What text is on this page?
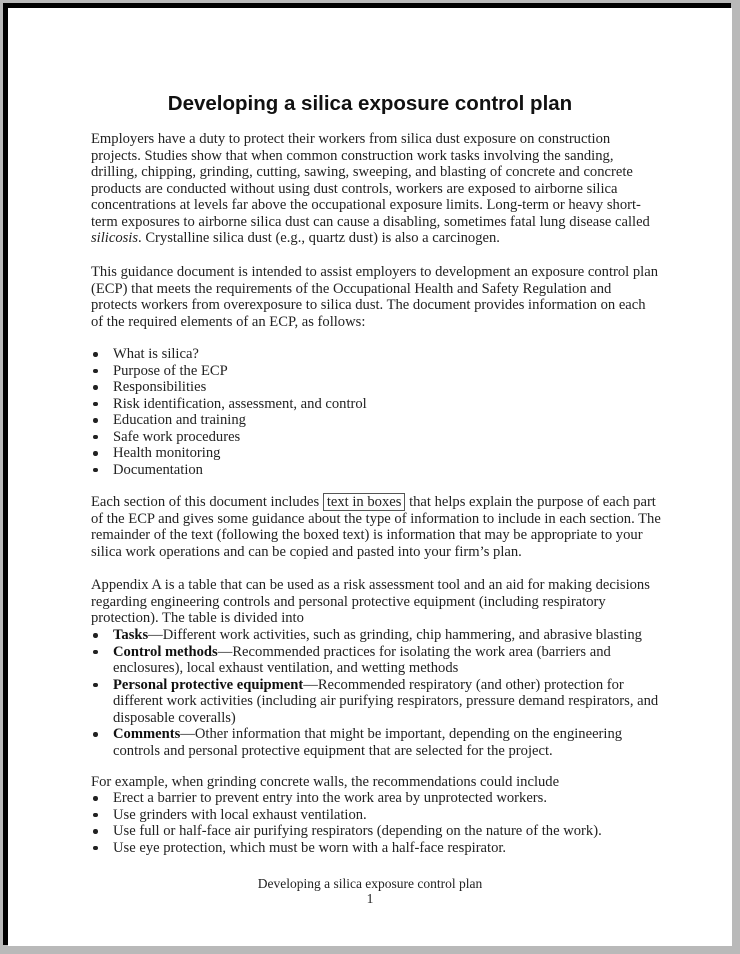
Developing a silica exposure control plan

Employers have a duty to protect their workers from silica dust exposure on construction projects. Studies show that when common construction work tasks involving the sanding, drilling, chipping, grinding, cutting, sawing, sweeping, and blasting of concrete and concrete products are conducted without using dust controls, workers are exposed to airborne silica concentrations at levels far above the occupational exposure limits. Long-term or heavy short-term exposures to airborne silica dust can cause a disabling, sometimes fatal lung disease called silicosis. Crystalline silica dust (e.g., quartz dust) is also a carcinogen.

This guidance document is intended to assist employers to development an exposure control plan (ECP) that meets the requirements of the Occupational Health and Safety Regulation and protects workers from overexposure to silica dust. The document provides information on each of the required elements of an ECP, as follows:

What is silica?
Purpose of the ECP
Responsibilities
Risk identification, assessment, and control
Education and training
Safe work procedures
Health monitoring
Documentation

Each section of this document includes text in boxes that helps explain the purpose of each part of the ECP and gives some guidance about the type of information to include in each section. The remainder of the text (following the boxed text) is information that may be appropriate to your silica work operations and can be copied and pasted into your firm’s plan.

Appendix A is a table that can be used as a risk assessment tool and an aid for making decisions regarding engineering controls and personal protective equipment (including respiratory protection). The table is divided into

Tasks—Different work activities, such as grinding, chip hammering, and abrasive blasting
Control methods—Recommended practices for isolating the work area (barriers and enclosures), local exhaust ventilation, and wetting methods
Personal protective equipment—Recommended respiratory (and other) protection for different work activities (including air purifying respirators, pressure demand respirators, and disposable coveralls)
Comments—Other information that might be important, depending on the engineering controls and personal protective equipment that are selected for the project.

For example, when grinding concrete walls, the recommendations could include

Erect a barrier to prevent entry into the work area by unprotected workers.
Use grinders with local exhaust ventilation.
Use full or half-face air purifying respirators (depending on the nature of the work).
Use eye protection, which must be worn with a half-face respirator.
Developing a silica exposure control plan
1
